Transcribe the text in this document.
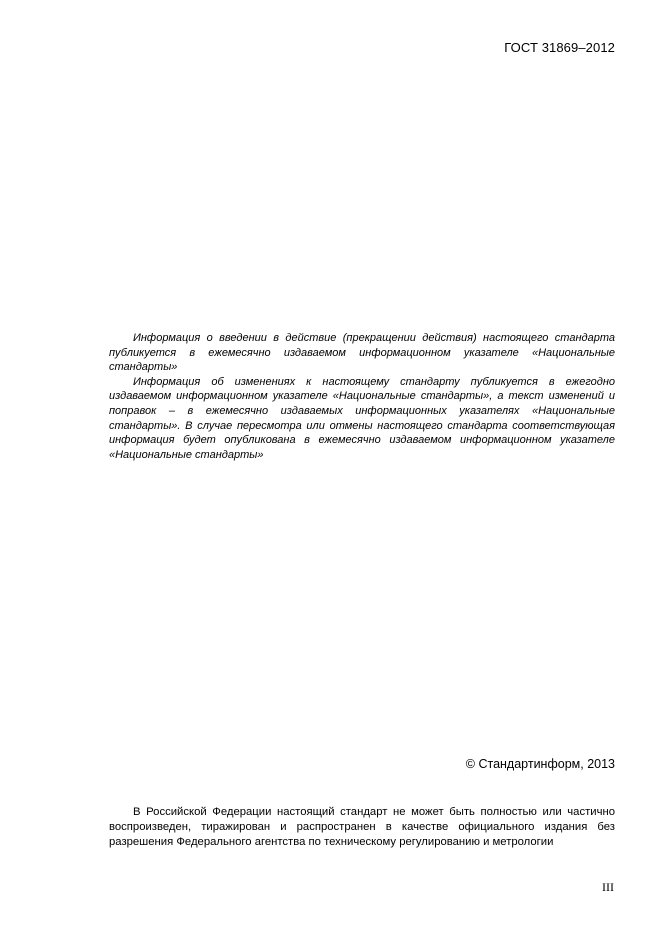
ГОСТ 31869–2012

Информация о введении в действие (прекращении действия) настоящего стандарта публикуется в ежемесячно издаваемом информационном указателе «Национальные стандарты»

Информация об изменениях к настоящему стандарту публикуется в ежегодно издаваемом информационном указателе «Национальные стандарты», а текст изменений и поправок – в ежемесячно издаваемых информационных указателях «Национальные стандарты». В случае пересмотра или отмены настоящего стандарта соответствующая информация будет опубликована в ежемесячно издаваемом информационном указателе «Национальные стандарты»

© Стандартинформ, 2013

В Российской Федерации настоящий стандарт не может быть полностью или частично воспроизведен, тиражирован и распространен в качестве официального издания без разрешения Федерального агентства по техническому регулированию и метрологии

III
